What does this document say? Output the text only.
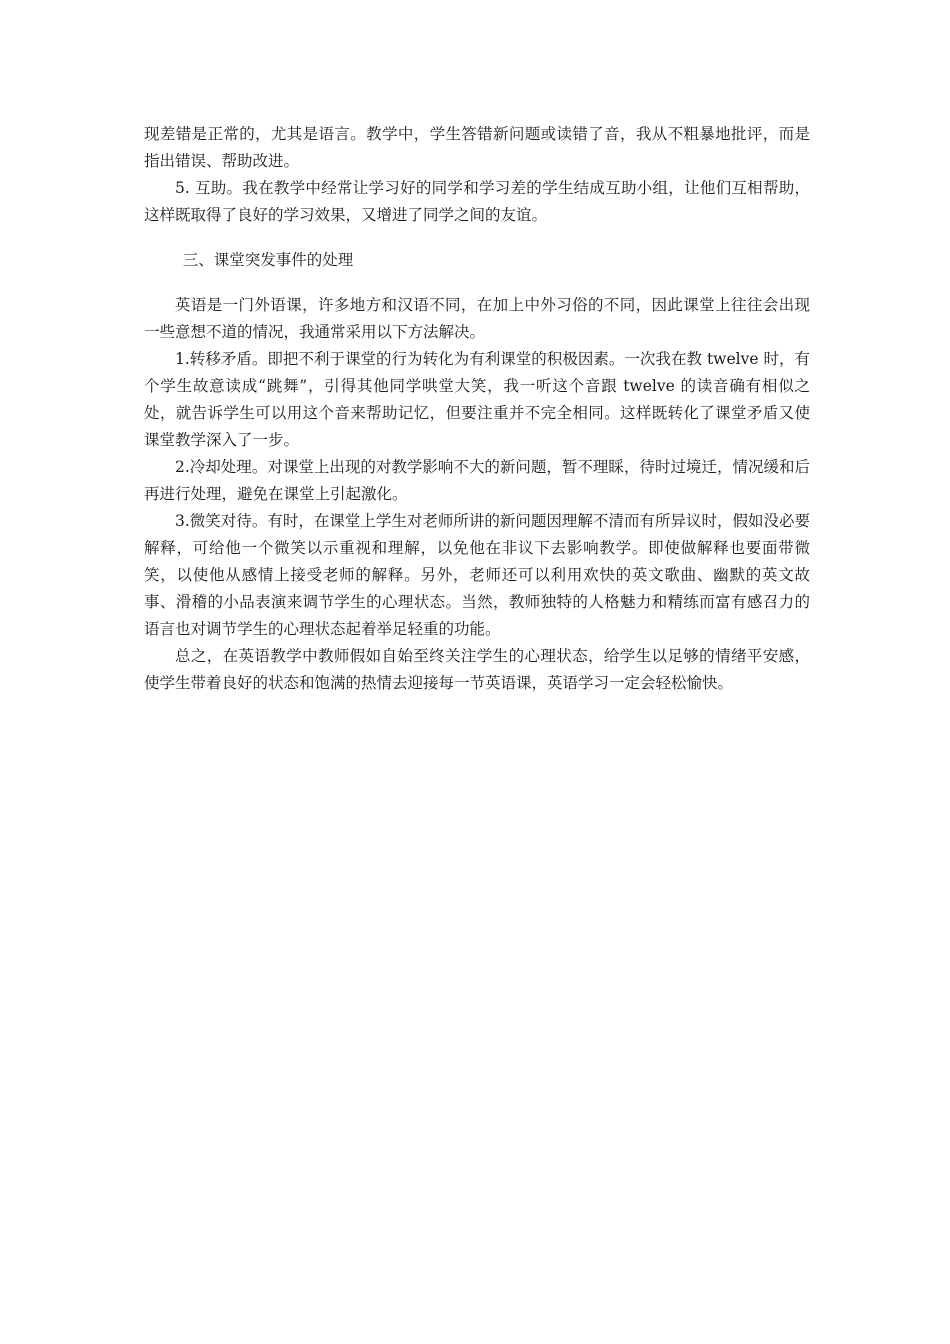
现差错是正常的，尤其是语言。教学中，学生答错新问题或读错了音，我从不粗暴地批评，而是指出错误、帮助改进。

5. 互助。我在教学中经常让学习好的同学和学习差的学生结成互助小组，让他们互相帮助，这样既取得了良好的学习效果，又增进了同学之间的友谊。

三、课堂突发事件的处理

英语是一门外语课，许多地方和汉语不同，在加上中外习俗的不同，因此课堂上往往会出现一些意想不道的情况，我通常采用以下方法解决。

1.转移矛盾。即把不利于课堂的行为转化为有利课堂的积极因素。一次我在教 twelve 时，有个学生故意读成“跳舞”，引得其他同学哄堂大笑，我一听这个音跟 twelve 的读音确有相似之处，就告诉学生可以用这个音来帮助记忆，但要注重并不完全相同。这样既转化了课堂矛盾又使课堂教学深入了一步。

2.冷却处理。对课堂上出现的对教学影响不大的新问题，暂不理睬，待时过境迁，情况缓和后再进行处理，避免在课堂上引起激化。

3.微笑对待。有时，在课堂上学生对老师所讲的新问题因理解不清而有所异议时，假如没必要解释，可给他一个微笑以示重视和理解，以免他在非议下去影响教学。即使做解释也要面带微笑，以使他从感情上接受老师的解释。另外，老师还可以利用欢快的英文歌曲、幽默的英文故事、滑稽的小品表演来调节学生的心理状态。当然，教师独特的人格魅力和精练而富有感召力的语言也对调节学生的心理状态起着举足轻重的功能。

总之，在英语教学中教师假如自始至终关注学生的心理状态，给学生以足够的情绪平安感，使学生带着良好的状态和饱满的热情去迎接每一节英语课，英语学习一定会轻松愉快。
